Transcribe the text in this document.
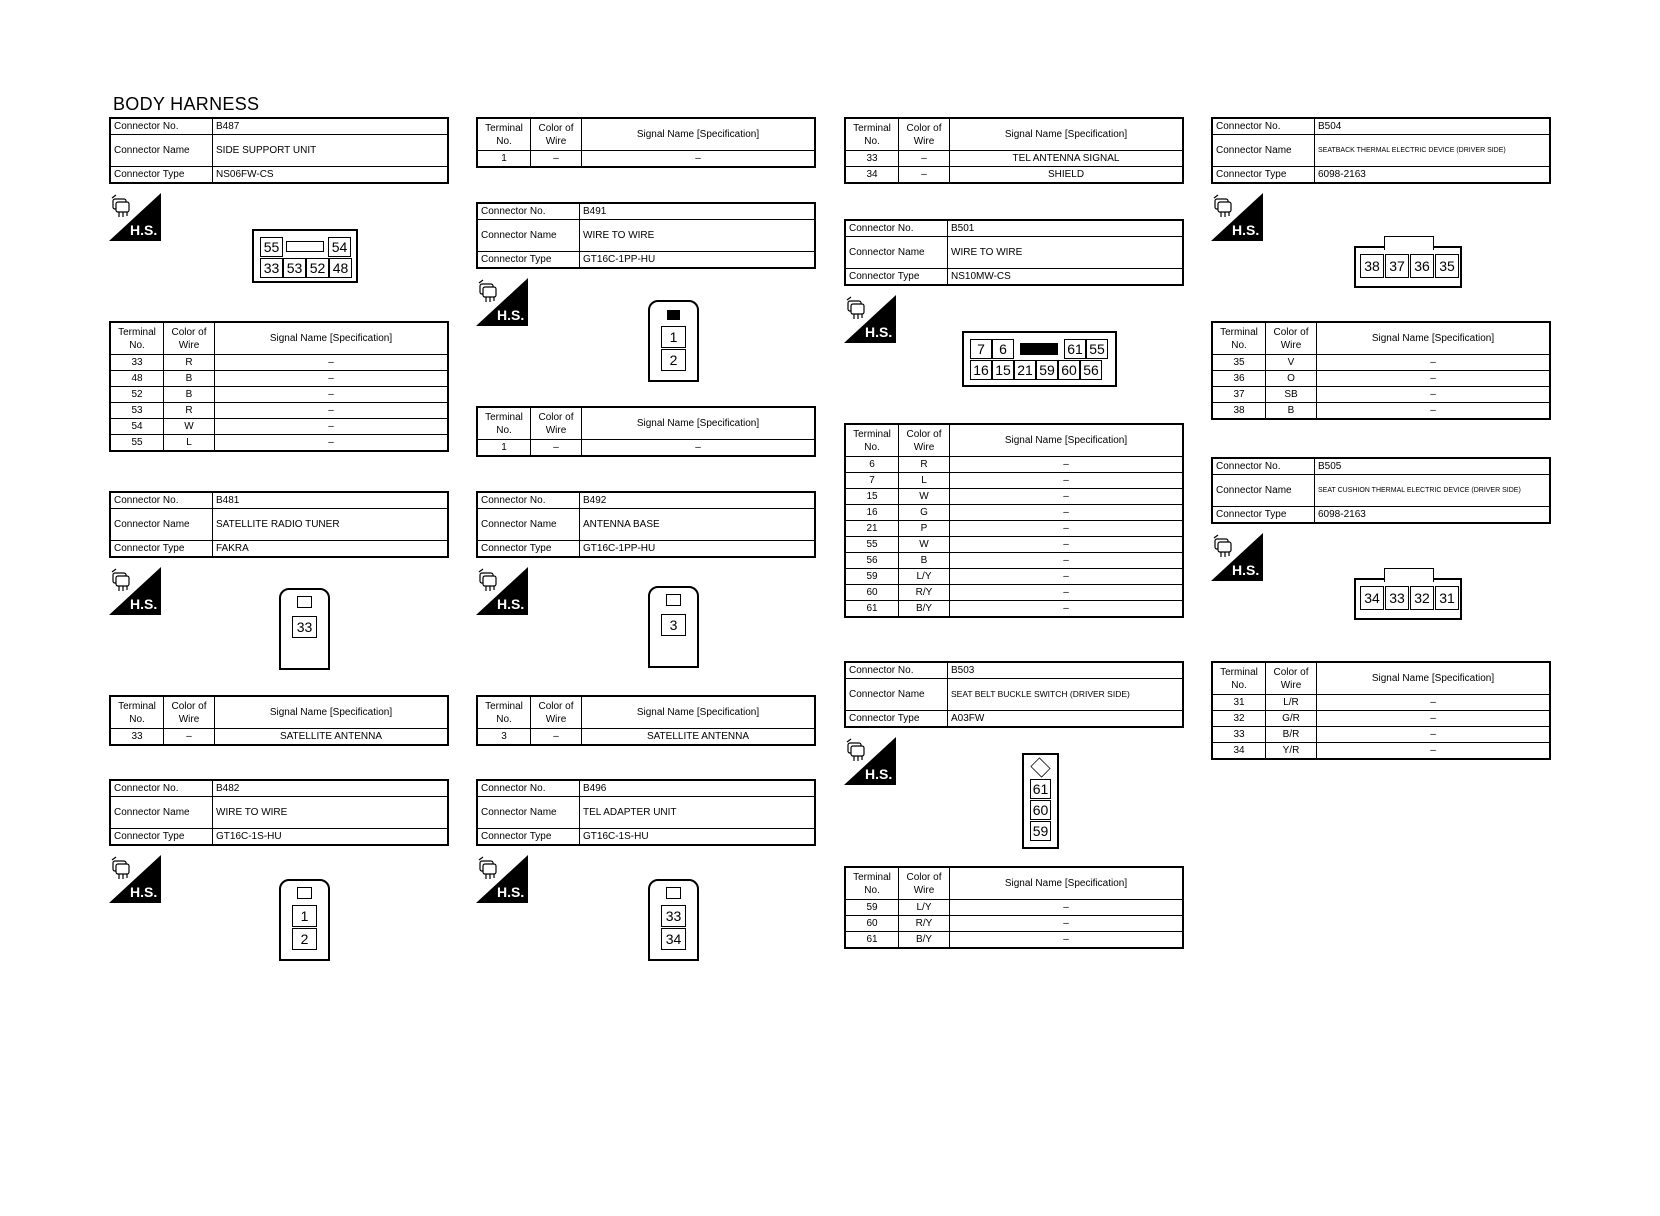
BODY HARNESS
Connector No.	B487
Connector Name	SIDE SUPPORT UNIT
Connector Type	NS06FW-CS
H.S.
55	54
33 53 52 48
Terminal No.	Color of Wire	Signal Name [Specification]
33	R	–
48	B	–
52	B	–
53	R	–
54	W	–
55	L	–
Connector No.	B481
Connector Name	SATELLITE RADIO TUNER
Connector Type	FAKRA
H.S.
33
Terminal No.	Color of Wire	Signal Name [Specification]
33	–	SATELLITE ANTENNA
Connector No.	B482
Connector Name	WIRE TO WIRE
Connector Type	GT16C-1S-HU
H.S.
1
2
Terminal No.	Color of Wire	Signal Name [Specification]
1	–	–
Connector No.	B491
Connector Name	WIRE TO WIRE
Connector Type	GT16C-1PP-HU
H.S.
1
2
Terminal No.	Color of Wire	Signal Name [Specification]
1	–	–
Connector No.	B492
Connector Name	ANTENNA BASE
Connector Type	GT16C-1PP-HU
H.S.
3
Terminal No.	Color of Wire	Signal Name [Specification]
3	–	SATELLITE ANTENNA
Connector No.	B496
Connector Name	TEL ADAPTER UNIT
Connector Type	GT16C-1S-HU
H.S.
33
34
Terminal No.	Color of Wire	Signal Name [Specification]
33	–	TEL ANTENNA SIGNAL
34	–	SHIELD
Connector No.	B501
Connector Name	WIRE TO WIRE
Connector Type	NS10MW-CS
H.S.
7	6	61 55
16 15 21 59 60 56
Terminal No.	Color of Wire	Signal Name [Specification]
6	R	–
7	L	–
15	W	–
16	G	–
21	P	–
55	W	–
56	B	–
59	L/Y	–
60	R/Y	–
61	B/Y	–
Connector No.	B503
Connector Name	SEAT BELT BUCKLE SWITCH (DRIVER SIDE)
Connector Type	A03FW
H.S.
61
60
59
Terminal No.	Color of Wire	Signal Name [Specification]
59	L/Y	–
60	R/Y	–
61	B/Y	–
Connector No.	B504
Connector Name	SEATBACK THERMAL ELECTRIC DEVICE (DRIVER SIDE)
Connector Type	6098-2163
H.S.
38 37 36 35
Terminal No.	Color of Wire	Signal Name [Specification]
35	V	–
36	O	–
37	SB	–
38	B	–
Connector No.	B505
Connector Name	SEAT CUSHION THERMAL ELECTRIC DEVICE (DRIVER SIDE)
Connector Type	6098-2163
H.S.
34 33 32 31
Terminal No.	Color of Wire	Signal Name [Specification]
31	L/R	–
32	G/R	–
33	B/R	–
34	Y/R	–
